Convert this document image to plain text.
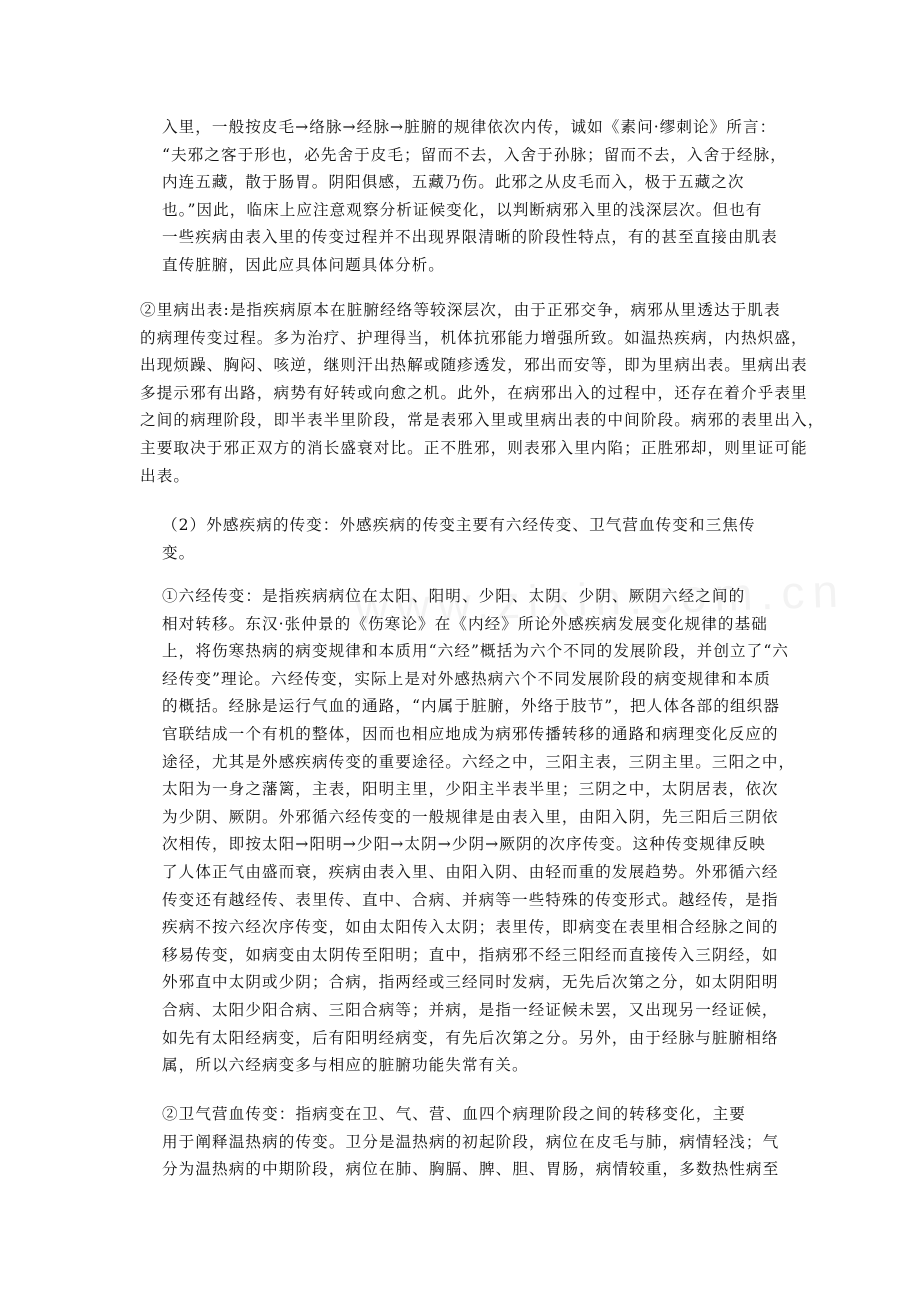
入里，一般按皮毛→络脉→经脉→脏腑的规律依次内传，诚如《素问·缪刺论》所言：
“夫邪之客于形也，必先舍于皮毛；留而不去，入舍于孙脉；留而不去，入舍于经脉，
内连五藏，散于肠胃。阴阳俱感，五藏乃伤。此邪之从皮毛而入，极于五藏之次
也。”因此，临床上应注意观察分析证候变化，以判断病邪入里的浅深层次。但也有
一些疾病由表入里的传变过程并不出现界限清晰的阶段性特点，有的甚至直接由肌表
直传脏腑，因此应具体问题具体分析。
②里病出表:是指疾病原本在脏腑经络等较深层次，由于正邪交争，病邪从里透达于肌表
的病理传变过程。多为治疗、护理得当，机体抗邪能力增强所致。如温热疾病，内热炽盛，
出现烦躁、胸闷、咳逆，继则汗出热解或随疹透发，邪出而安等，即为里病出表。里病出表
多提示邪有出路，病势有好转或向愈之机。此外，在病邪出入的过程中，还存在着介乎表里
之间的病理阶段，即半表半里阶段，常是表邪入里或里病出表的中间阶段。病邪的表里出入，
主要取决于邪正双方的消长盛衰对比。正不胜邪，则表邪入里内陷；正胜邪却，则里证可能
出表。
（2）外感疾病的传变：外感疾病的传变主要有六经传变、卫气营血传变和三焦传
变。
①六经传变：是指疾病病位在太阳、阳明、少阳、太阴、少阴、厥阴六经之间的
相对转移。东汉·张仲景的《伤寒论》在《内经》所论外感疾病发展变化规律的基础
上，将伤寒热病的病变规律和本质用“六经”概括为六个不同的发展阶段，并创立了“六
经传变”理论。六经传变，实际上是对外感热病六个不同发展阶段的病变规律和本质
的概括。经脉是运行气血的通路，“内属于脏腑，外络于肢节”，把人体各部的组织器
官联结成一个有机的整体，因而也相应地成为病邪传播转移的通路和病理变化反应的
途径，尤其是外感疾病传变的重要途径。六经之中，三阳主表，三阴主里。三阳之中，
太阳为一身之藩篱，主表，阳明主里，少阳主半表半里；三阴之中，太阴居表，依次
为少阴、厥阴。外邪循六经传变的一般规律是由表入里，由阳入阴，先三阳后三阴依
次相传，即按太阳→阳明→少阳→太阴→少阴→厥阴的次序传变。这种传变规律反映
了人体正气由盛而衰，疾病由表入里、由阳入阴、由轻而重的发展趋势。外邪循六经
传变还有越经传、表里传、直中、合病、并病等一些特殊的传变形式。越经传，是指
疾病不按六经次序传变，如由太阳传入太阴；表里传，即病变在表里相合经脉之间的
移易传变，如病变由太阴传至阳明；直中，指病邪不经三阳经而直接传入三阴经，如
外邪直中太阴或少阴；合病，指两经或三经同时发病，无先后次第之分，如太阴阳明
合病、太阳少阳合病、三阳合病等；并病，是指一经证候未罢，又出现另一经证候，
如先有太阳经病变，后有阳明经病变，有先后次第之分。另外，由于经脉与脏腑相络
属，所以六经病变多与相应的脏腑功能失常有关。
②卫气营血传变：指病变在卫、气、营、血四个病理阶段之间的转移变化，主要
用于阐释温热病的传变。卫分是温热病的初起阶段，病位在皮毛与肺，病情轻浅；气
分为温热病的中期阶段，病位在肺、胸膈、脾、胆、胃肠，病情较重，多数热性病至
